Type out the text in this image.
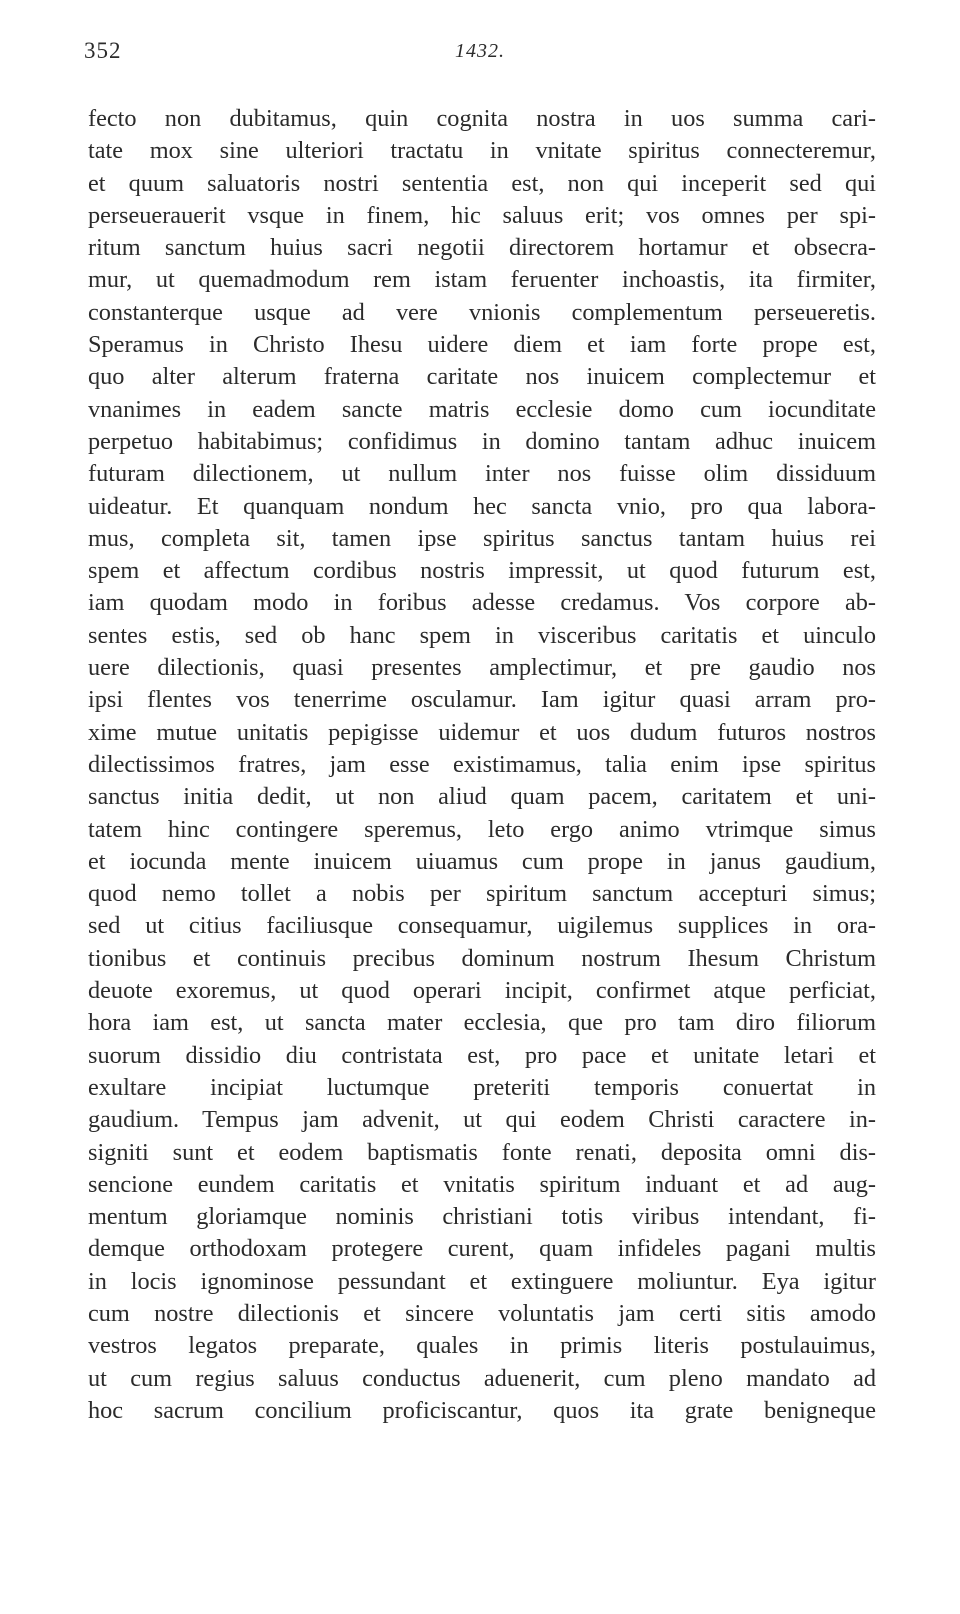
352	1432.
fecto non dubitamus, quin cognita nostra in uos summa cari-
tate mox sine ulteriori tractatu in vnitate spiritus connecteremur,
et quum saluatoris nostri sententia est, non qui inceperit sed qui
perseuerauerit vsque in finem, hic saluus erit; vos omnes per spi-
ritum sanctum huius sacri negotii directorem hortamur et obsecra-
mur, ut quemadmodum rem istam feruenter inchoastis, ita firmiter,
constanterque usque ad vere vnionis complementum perseueretis.
Speramus in Christo Ihesu uidere diem et iam forte prope est,
quo alter alterum fraterna caritate nos inuicem complectemur et
vnanimes in eadem sancte matris ecclesie domo cum iocunditate
perpetuo habitabimus; confidimus in domino tantam adhuc inuicem
futuram dilectionem, ut nullum inter nos fuisse olim dissiduum
uideatur. Et quanquam nondum hec sancta vnio, pro qua labora-
mus, completa sit, tamen ipse spiritus sanctus tantam huius rei
spem et affectum cordibus nostris impressit, ut quod futurum est,
iam quodam modo in foribus adesse credamus. Vos corpore ab-
sentes estis, sed ob hanc spem in visceribus caritatis et uinculo
uere dilectionis, quasi presentes amplectimur, et pre gaudio nos
ipsi flentes vos tenerrime osculamur. Iam igitur quasi arram pro-
xime mutue unitatis pepigisse uidemur et uos dudum futuros nostros
dilectissimos fratres, jam esse existimamus, talia enim ipse spiritus
sanctus initia dedit, ut non aliud quam pacem, caritatem et uni-
tatem hinc contingere speremus, leto ergo animo vtrimque simus
et iocunda mente inuicem uiuamus cum prope in janus gaudium,
quod nemo tollet a nobis per spiritum sanctum accepturi simus;
sed ut citius faciliusque consequamur, uigilemus supplices in ora-
tionibus et continuis precibus dominum nostrum Ihesum Christum
deuote exoremus, ut quod operari incipit, confirmet atque perficiat,
hora iam est, ut sancta mater ecclesia, que pro tam diro filiorum
suorum dissidio diu contristata est, pro pace et unitate letari et
exultare incipiat luctumque preteriti temporis conuertat in
gaudium. Tempus jam advenit, ut qui eodem Christi caractere in-
signiti sunt et eodem baptismatis fonte renati, deposita omni dis-
sencione eundem caritatis et vnitatis spiritum induant et ad aug-
mentum gloriamque nominis christiani totis viribus intendant, fi-
demque orthodoxam protegere curent, quam infideles pagani multis
in locis ignominose pessundant et extinguere moliuntur. Eya igitur
cum nostre dilectionis et sincere voluntatis jam certi sitis amodo
vestros legatos preparate, quales in primis literis postulauimus,
ut cum regius saluus conductus aduenerit, cum pleno mandato ad
hoc sacrum concilium proficiscantur, quos ita grate benigneque
